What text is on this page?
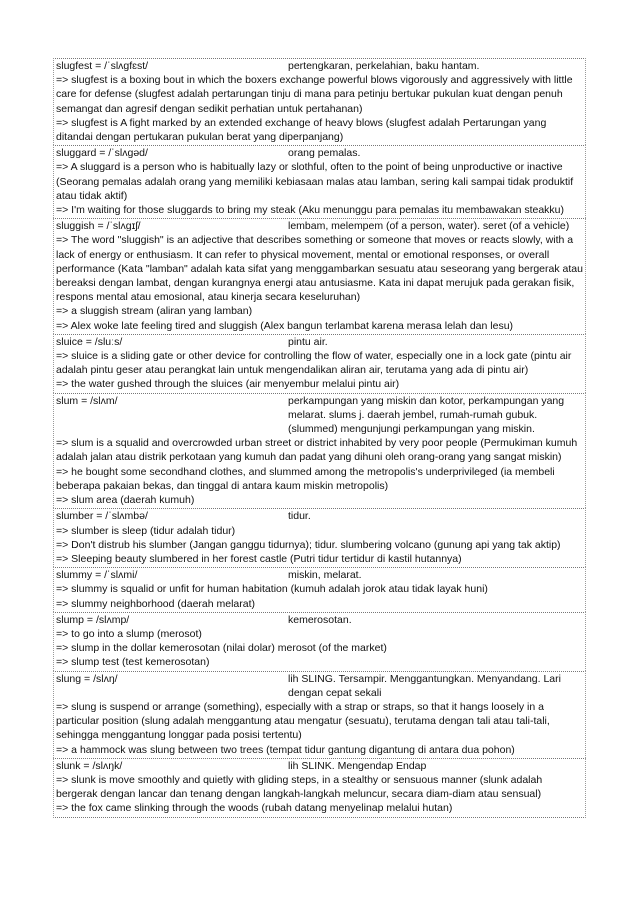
slugfest = /ˈslʌɡfɛst/	pertengkaran, perkelahian, baku hantam.
=> slugfest is a boxing bout in which the boxers exchange powerful blows vigorously and aggressively with little care for defense (slugfest adalah pertarungan tinju di mana para petinju bertukar pukulan kuat dengan penuh semangat dan agresif dengan sedikit perhatian untuk pertahanan)
=> slugfest is A fight marked by an extended exchange of heavy blows (slugfest adalah Pertarungan yang ditandai dengan pertukaran pukulan berat yang diperpanjang)
sluggard = /ˈslʌɡəd/	orang pemalas.
=> A sluggard is a person who is habitually lazy or slothful, often to the point of being unproductive or inactive (Seorang pemalas adalah orang yang memiliki kebiasaan malas atau lamban, sering kali sampai tidak produktif atau tidak aktif)
=> I'm waiting for those sluggards to bring my steak (Aku menunggu para pemalas itu membawakan steakku)
sluggish = /ˈslʌɡɪʃ/	lembam, melempem (of a person, water). seret (of a vehicle)
=> The word "sluggish" is an adjective that describes something or someone that moves or reacts slowly, with a lack of energy or enthusiasm. It can refer to physical movement, mental or emotional responses, or overall performance (Kata "lamban" adalah kata sifat yang menggambarkan sesuatu atau seseorang yang bergerak atau bereaksi dengan lambat, dengan kurangnya energi atau antusiasme. Kata ini dapat merujuk pada gerakan fisik, respons mental atau emosional, atau kinerja secara keseluruhan)
=> a sluggish stream (aliran yang lamban)
=> Alex woke late feeling tired and sluggish (Alex bangun terlambat karena merasa lelah dan lesu)
sluice = /sluːs/	pintu air.
=> sluice is a sliding gate or other device for controlling the flow of water, especially one in a lock gate (pintu air adalah pintu geser atau perangkat lain untuk mengendalikan aliran air, terutama yang ada di pintu air)
=> the water gushed through the sluices (air menyembur melalui pintu air)
slum = /slʌm/	perkampungan yang miskin dan kotor, perkampungan yang melarat. slums j. daerah jembel, rumah-rumah gubuk. (slummed) mengunjungi perkampungan yang miskin.
=> slum is a squalid and overcrowded urban street or district inhabited by very poor people (Permukiman kumuh adalah jalan atau distrik perkotaan yang kumuh dan padat yang dihuni oleh orang-orang yang sangat miskin)
=> he bought some secondhand clothes, and slummed among the metropolis's underprivileged (ia membeli beberapa pakaian bekas, dan tinggal di antara kaum miskin metropolis)
=> slum area (daerah kumuh)
slumber = /ˈslʌmbə/	tidur.
=> slumber is sleep (tidur adalah tidur)
=> Don't distrub his slumber (Jangan ganggu tidurnya); tidur. slumbering volcano (gunung api yang tak aktip)
=> Sleeping beauty slumbered in her forest castle (Putri tidur tertidur di kastil hutannya)
slummy = /ˈslʌmi/	miskin, melarat.
=> slummy is squalid or unfit for human habitation (kumuh adalah jorok atau tidak layak huni)
=> slummy neighborhood (daerah melarat)
slump = /slʌmp/	kemerosotan.
=> to go into a slump (merosot)
=> slump in the dollar kemerosotan (nilai dolar) merosot (of the market)
=> slump test (test kemerosotan)
slung = /slʌŋ/	lih SLING. Tersampir. Menggantungkan. Menyandang. Lari dengan cepat sekali
=> slung is suspend or arrange (something), especially with a strap or straps, so that it hangs loosely in a particular position (slung adalah menggantung atau mengatur (sesuatu), terutama dengan tali atau tali-tali, sehingga menggantung longgar pada posisi tertentu)
=> a hammock was slung between two trees (tempat tidur gantung digantung di antara dua pohon)
slunk = /slʌŋk/	lih SLINK. Mengendap Endap
=> slunk is move smoothly and quietly with gliding steps, in a stealthy or sensuous manner (slunk adalah bergerak dengan lancar dan tenang dengan langkah-langkah meluncur, secara diam-diam atau sensual)
=> the fox came slinking through the woods (rubah datang menyelinap melalui hutan)
